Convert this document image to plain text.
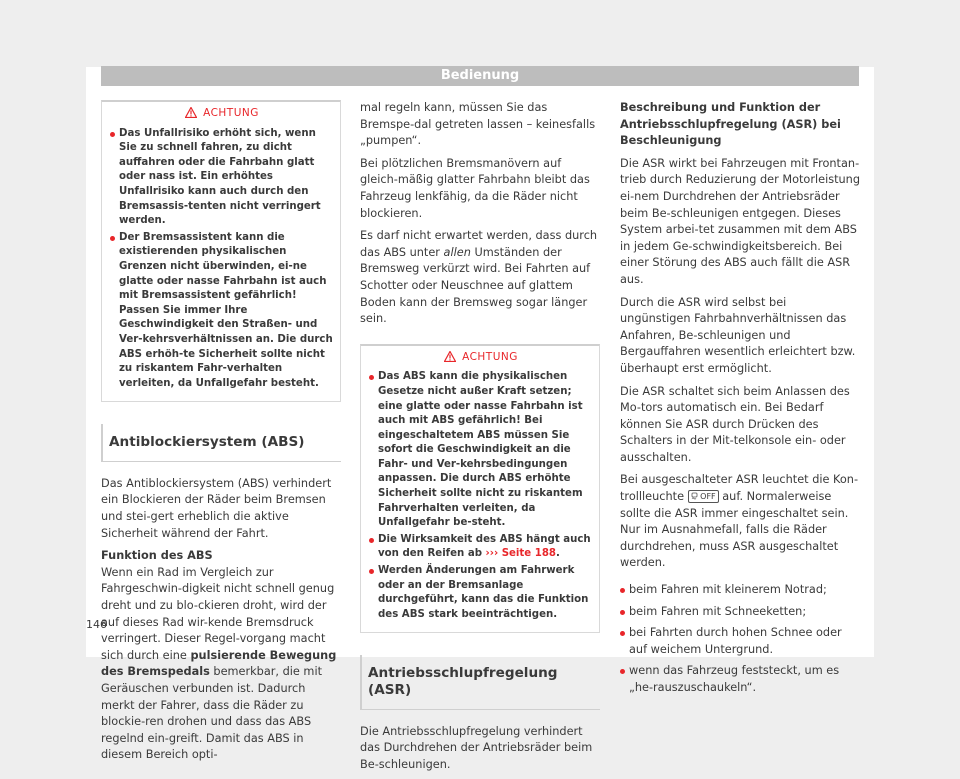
Bedienung
ACHTUNG
Das Unfallrisiko erhöht sich, wenn Sie zu schnell fahren, zu dicht auffahren oder die Fahrbahn glatt oder nass ist. Ein erhöhtes Unfallrisiko kann auch durch den Bremsassis-tenten nicht verringert werden.
Der Bremsassistent kann die existierenden physikalischen Grenzen nicht überwinden, ei-ne glatte oder nasse Fahrbahn ist auch mit Bremsassistent gefährlich! Passen Sie immer Ihre Geschwindigkeit den Straßen- und Ver-kehrsverhältnissen an. Die durch ABS erhöh-te Sicherheit sollte nicht zu riskantem Fahr-verhalten verleiten, da Unfallgefahr besteht.
Antiblockiersystem (ABS)

Das Antiblockiersystem (ABS) verhindert ein Blockieren der Räder beim Bremsen und stei-gert erheblich die aktive Sicherheit während der Fahrt.

Funktion des ABS

Wenn ein Rad im Vergleich zur Fahrgeschwin-digkeit nicht schnell genug dreht und zu blo-ckieren droht, wird der auf dieses Rad wir-kende Bremsdruck verringert. Dieser Regel-vorgang macht sich durch eine pulsierende Bewegung des Bremspedals bemerkbar, die mit Geräuschen verbunden ist. Dadurch merkt der Fahrer, dass die Räder zu blockie-ren drohen und dass das ABS regelnd ein-greift. Damit das ABS in diesem Bereich opti-

mal regeln kann, müssen Sie das Bremspe-dal getreten lassen – keinesfalls „pumpen“.

Bei plötzlichen Bremsmanövern auf gleich-mäßig glatter Fahrbahn bleibt das Fahrzeug lenkfähig, da die Räder nicht blockieren.

Es darf nicht erwartet werden, dass durch das ABS unter allen Umständen der Bremsweg verkürzt wird. Bei Fahrten auf Schotter oder Neuschnee auf glattem Boden kann der Bremsweg sogar länger sein.

ACHTUNG
Das ABS kann die physikalischen Gesetze nicht außer Kraft setzen; eine glatte oder nasse Fahrbahn ist auch mit ABS gefährlich! Bei eingeschaltetem ABS müssen Sie sofort die Geschwindigkeit an die Fahr- und Ver-kehrsbedingungen anpassen. Die durch ABS erhöhte Sicherheit sollte nicht zu riskantem Fahrverhalten verleiten, da Unfallgefahr be-steht.
Die Wirksamkeit des ABS hängt auch von den Reifen ab ››› Seite 188.
Werden Änderungen am Fahrwerk oder an der Bremsanlage durchgeführt, kann das die Funktion des ABS stark beeinträchtigen.
Antriebsschlupfregelung (ASR)

Die Antriebsschlupfregelung verhindert das Durchdrehen der Antriebsräder beim Be-schleunigen.

Beschreibung und Funktion der Antriebsschlupfregelung (ASR) bei Beschleunigung

Die ASR wirkt bei Fahrzeugen mit Frontan-trieb durch Reduzierung der Motorleistung ei-nem Durchdrehen der Antriebsräder beim Be-schleunigen entgegen. Dieses System arbei-tet zusammen mit dem ABS in jedem Ge-schwindigkeitsbereich. Bei einer Störung des ABS auch fällt die ASR aus.

Durch die ASR wird selbst bei ungünstigen Fahrbahnverhältnissen das Anfahren, Be-schleunigen und Bergauffahren wesentlich erleichtert bzw. überhaupt erst ermöglicht.

Die ASR schaltet sich beim Anlassen des Mo-tors automatisch ein. Bei Bedarf können Sie ASR durch Drücken des Schalters in der Mit-telkonsole ein- oder ausschalten.

Bei ausgeschalteter ASR leuchtet die Kon-trollleuchte OFF auf. Normalerweise sollte die ASR immer eingeschaltet sein. Nur im Ausnahmefall, falls die Räder durchdrehen, muss ASR ausgeschaltet werden.

beim Fahren mit kleinerem Notrad;
beim Fahren mit Schneeketten;
bei Fahrten durch hohen Schnee oder auf weichem Untergrund.
wenn das Fahrzeug feststeckt, um es „he-rauszuschaukeln“.
146
